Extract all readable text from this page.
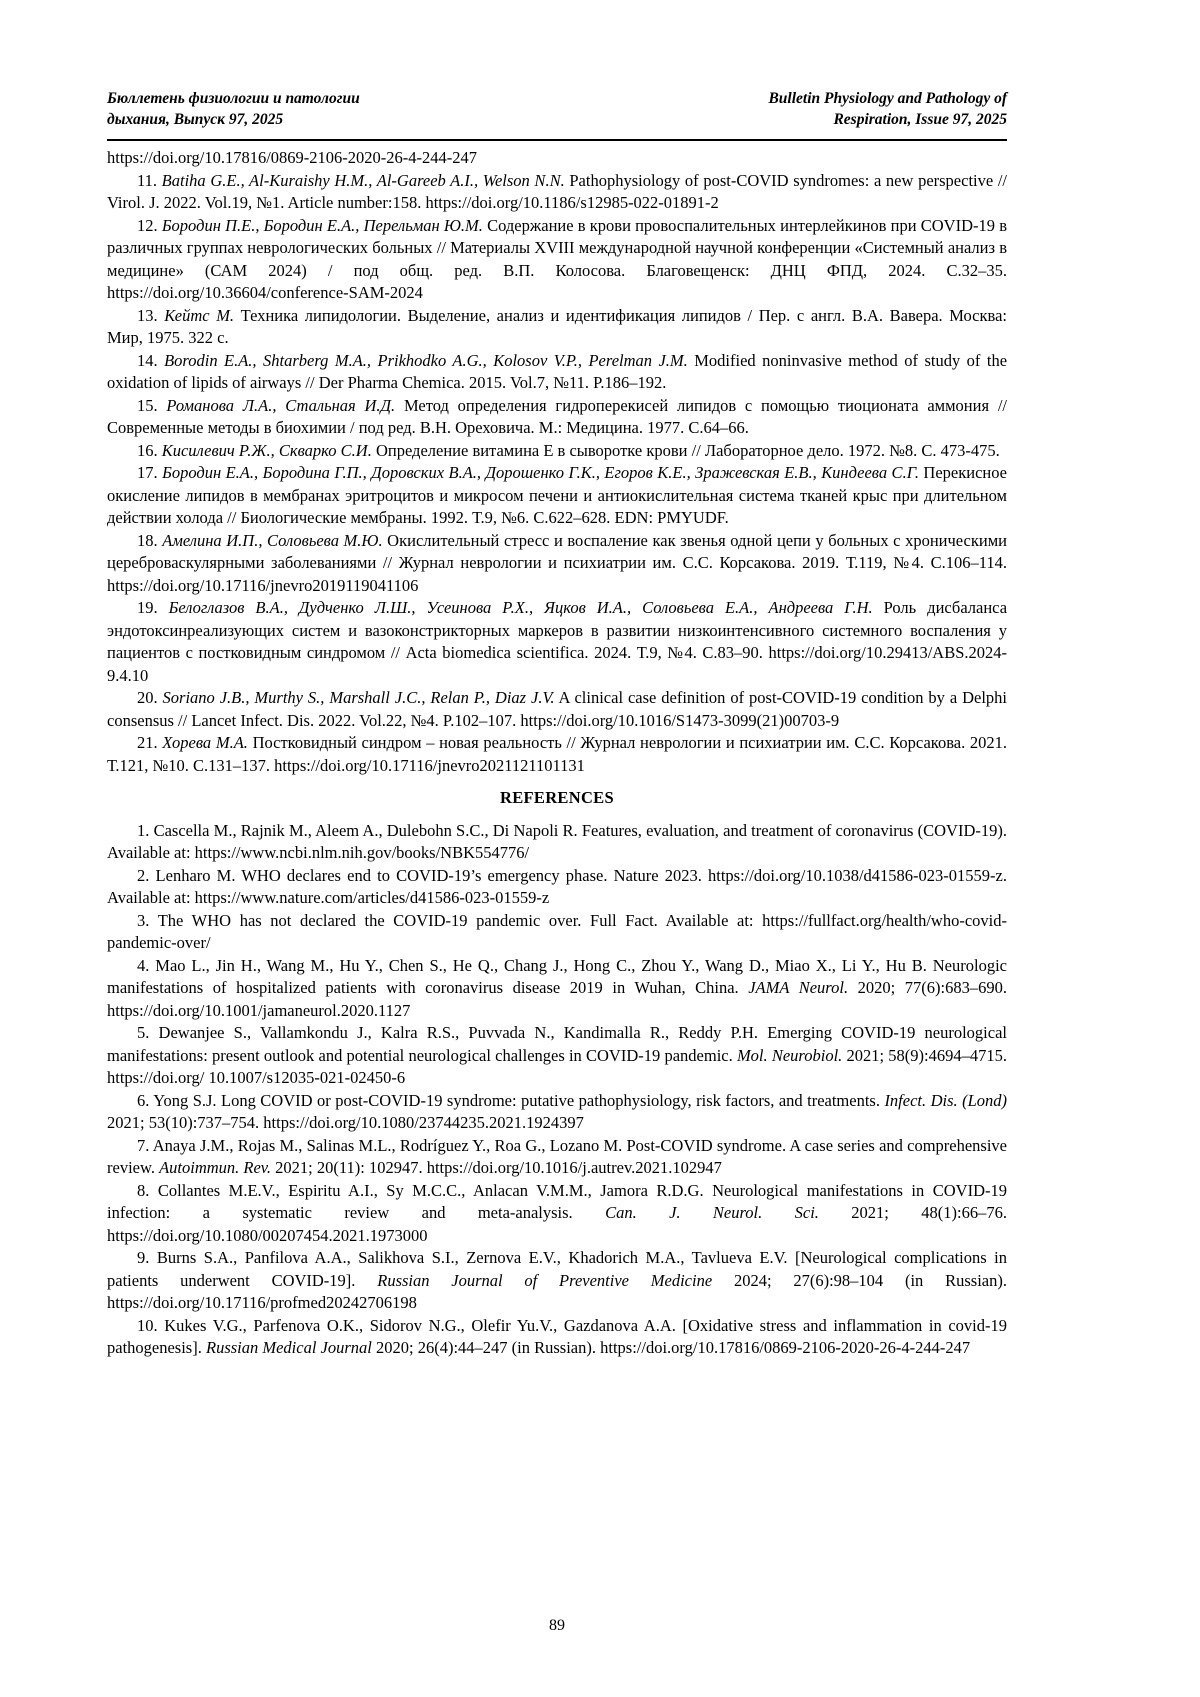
Бюллетень физиологии и патологии
дыхания, Выпуск 97, 2025
Bulletin Physiology and Pathology of
Respiration, Issue 97, 2025

https://doi.org/10.17816/0869-2106-2020-26-4-244-247

11. Batiha G.E., Al-Kuraishy H.M., Al-Gareeb A.I., Welson N.N. Pathophysiology of post-COVID syndromes: a new perspective // Virol. J. 2022. Vol.19, №1. Article number:158. https://doi.org/10.1186/s12985-022-01891-2

12. Бородин П.Е., Бородин Е.А., Перельман Ю.М. Содержание в крови провоспалительных интерлейкинов при COVID-19 в различных группах неврологических больных // Материалы XVIII международной научной конференции «Системный анализ в медицине» (САМ 2024) / под общ. ред. В.П. Колосова. Благовещенск: ДНЦ ФПД, 2024. С.32–35. https://doi.org/10.36604/conference-SAM-2024

13. Кейтс М. Техника липидологии. Выделение, анализ и идентификация липидов / Пер. с англ. В.А. Вавера. Москва: Мир, 1975. 322 с.

14. Borodin E.A., Shtarberg M.A., Prikhodko A.G., Kolosov V.P., Perelman J.M. Modified noninvasive method of study of the oxidation of lipids of airways // Der Pharma Chemica. 2015. Vol.7, №11. P.186–192.

15. Романова Л.А., Стальная И.Д. Метод определения гидроперекисей липидов с помощью тиоционата аммония // Современные методы в биохимии / под ред. В.Н. Ореховича. М.: Медицина. 1977. С.64–66.

16. Кисилевич Р.Ж., Скварко С.И. Определение витамина Е в сыворотке крови // Лабораторное дело. 1972. №8. С. 473-475.

17. Бородин Е.А., Бородина Г.П., Доровских В.А., Дорошенко Г.К., Егоров К.Е., Зражевская Е.В., Киндеева С.Г. Перекисное окисление липидов в мембранах эритроцитов и микросом печени и антиокислительная система тканей крыс при длительном действии холода // Биологические мембраны. 1992. Т.9, №6. С.622–628. EDN: PMYUDF.

18. Амелина И.П., Соловьева М.Ю. Окислительный стресс и воспаление как звенья одной цепи у больных с хроническими цереброваскулярными заболеваниями // Журнал неврологии и психиатрии им. С.С. Корсакова. 2019. Т.119, №4. С.106–114. https://doi.org/10.17116/jnevro2019119041106

19. Белоглазов В.А., Дудченко Л.Ш., Усеинова Р.Х., Яцков И.А., Соловьева Е.А., Андреева Г.Н. Роль дисбаланса эндотоксинреализующих систем и вазоконстрикторных маркеров в развитии низкоинтенсивного системного воспаления у пациентов с постковидным синдромом // Acta biomedica scientifica. 2024. Т.9, №4. С.83–90. https://doi.org/10.29413/ABS.2024-9.4.10

20. Soriano J.B., Murthy S., Marshall J.C., Relan P., Diaz J.V. A clinical case definition of post-COVID-19 condition by a Delphi consensus // Lancet Infect. Dis. 2022. Vol.22, №4. P.102–107. https://doi.org/10.1016/S1473-3099(21)00703-9

21. Хорева М.А. Постковидный синдром – новая реальность // Журнал неврологии и психиатрии им. С.С. Корсакова. 2021. Т.121, №10. С.131–137. https://doi.org/10.17116/jnevro2021121101131

REFERENCES

1. Cascella M., Rajnik M., Aleem A., Dulebohn S.C., Di Napoli R. Features, evaluation, and treatment of coronavirus (COVID-19). Available at: https://www.ncbi.nlm.nih.gov/books/NBK554776/

2. Lenharo M. WHO declares end to COVID-19’s emergency phase. Nature 2023. https://doi.org/10.1038/d41586-023-01559-z. Available at: https://www.nature.com/articles/d41586-023-01559-z

3. The WHO has not declared the COVID-19 pandemic over. Full Fact. Available at: https://fullfact.org/health/who-covid-pandemic-over/

4. Mao L., Jin H., Wang M., Hu Y., Chen S., He Q., Chang J., Hong C., Zhou Y., Wang D., Miao X., Li Y., Hu B. Neurologic manifestations of hospitalized patients with coronavirus disease 2019 in Wuhan, China. JAMA Neurol. 2020; 77(6):683–690. https://doi.org/10.1001/jamaneurol.2020.1127

5. Dewanjee S., Vallamkondu J., Kalra R.S., Puvvada N., Kandimalla R., Reddy P.H. Emerging COVID-19 neurological manifestations: present outlook and potential neurological challenges in COVID-19 pandemic. Mol. Neurobiol. 2021; 58(9):4694–4715. https://doi.org/ 10.1007/s12035-021-02450-6

6. Yong S.J. Long COVID or post-COVID-19 syndrome: putative pathophysiology, risk factors, and treatments. Infect. Dis. (Lond) 2021; 53(10):737–754. https://doi.org/10.1080/23744235.2021.1924397

7. Anaya J.M., Rojas M., Salinas M.L., Rodríguez Y., Roa G., Lozano M. Post-COVID syndrome. A case series and comprehensive review. Autoimmun. Rev. 2021; 20(11): 102947. https://doi.org/10.1016/j.autrev.2021.102947

8. Collantes M.E.V., Espiritu A.I., Sy M.C.C., Anlacan V.M.M., Jamora R.D.G. Neurological manifestations in COVID-19 infection: a systematic review and meta-analysis. Can. J. Neurol. Sci. 2021; 48(1):66–76. https://doi.org/10.1080/00207454.2021.1973000

9. Burns S.A., Panfilova A.A., Salikhova S.I., Zernova E.V., Khadorich M.A., Tavlueva E.V. [Neurological complications in patients underwent COVID-19]. Russian Journal of Preventive Medicine 2024; 27(6):98–104 (in Russian). https://doi.org/10.17116/profmed20242706198

10. Kukes V.G., Parfenova O.K., Sidorov N.G., Olefir Yu.V., Gazdanova A.A. [Oxidative stress and inflammation in covid-19 pathogenesis]. Russian Medical Journal 2020; 26(4):44–247 (in Russian). https://doi.org/10.17816/0869-2106-2020-26-4-244-247

89
